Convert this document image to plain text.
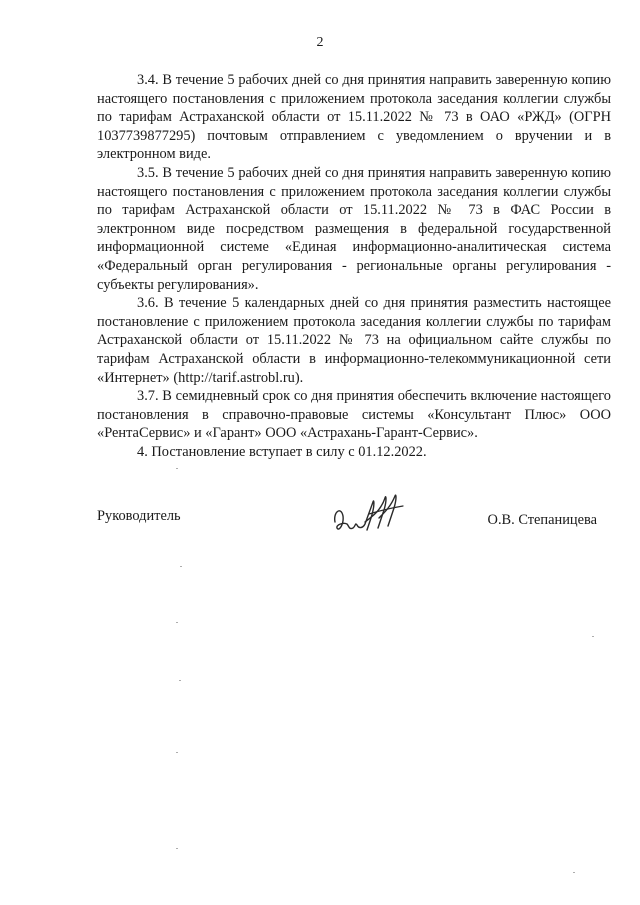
2

3.4. В течение 5 рабочих дней со дня принятия направить заверенную копию настоящего постановления с приложением протокола заседания коллегии службы по тарифам Астраханской области от 15.11.2022 № 73 в ОАО «РЖД» (ОГРН 1037739877295) почтовым отправлением с уведомлением о вручении и в электронном виде.

3.5. В течение 5 рабочих дней со дня принятия направить заверенную копию настоящего постановления с приложением протокола заседания коллегии службы по тарифам Астраханской области от 15.11.2022 № 73 в ФАС России в электронном виде посредством размещения в федеральной государственной информационной системе «Единая информационно-аналитическая система «Федеральный орган регулирования - региональные органы регулирования - субъекты регулирования».

3.6. В течение 5 календарных дней со дня принятия разместить настоящее постановление с приложением протокола заседания коллегии службы по тарифам Астраханской области от 15.11.2022 № 73 на официальном сайте службы по тарифам Астраханской области в информационно-телекоммуникационной сети «Интернет» (http://tarif.astrobl.ru).

3.7. В семидневный срок со дня принятия обеспечить включение настоящего постановления в справочно-правовые системы «Консультант Плюс» ООО «РентаСервис» и «Гарант» ООО «Астрахань-Гарант-Сервис».

4. Постановление вступает в силу с 01.12.2022.

Руководитель	О.В. Степаницева
